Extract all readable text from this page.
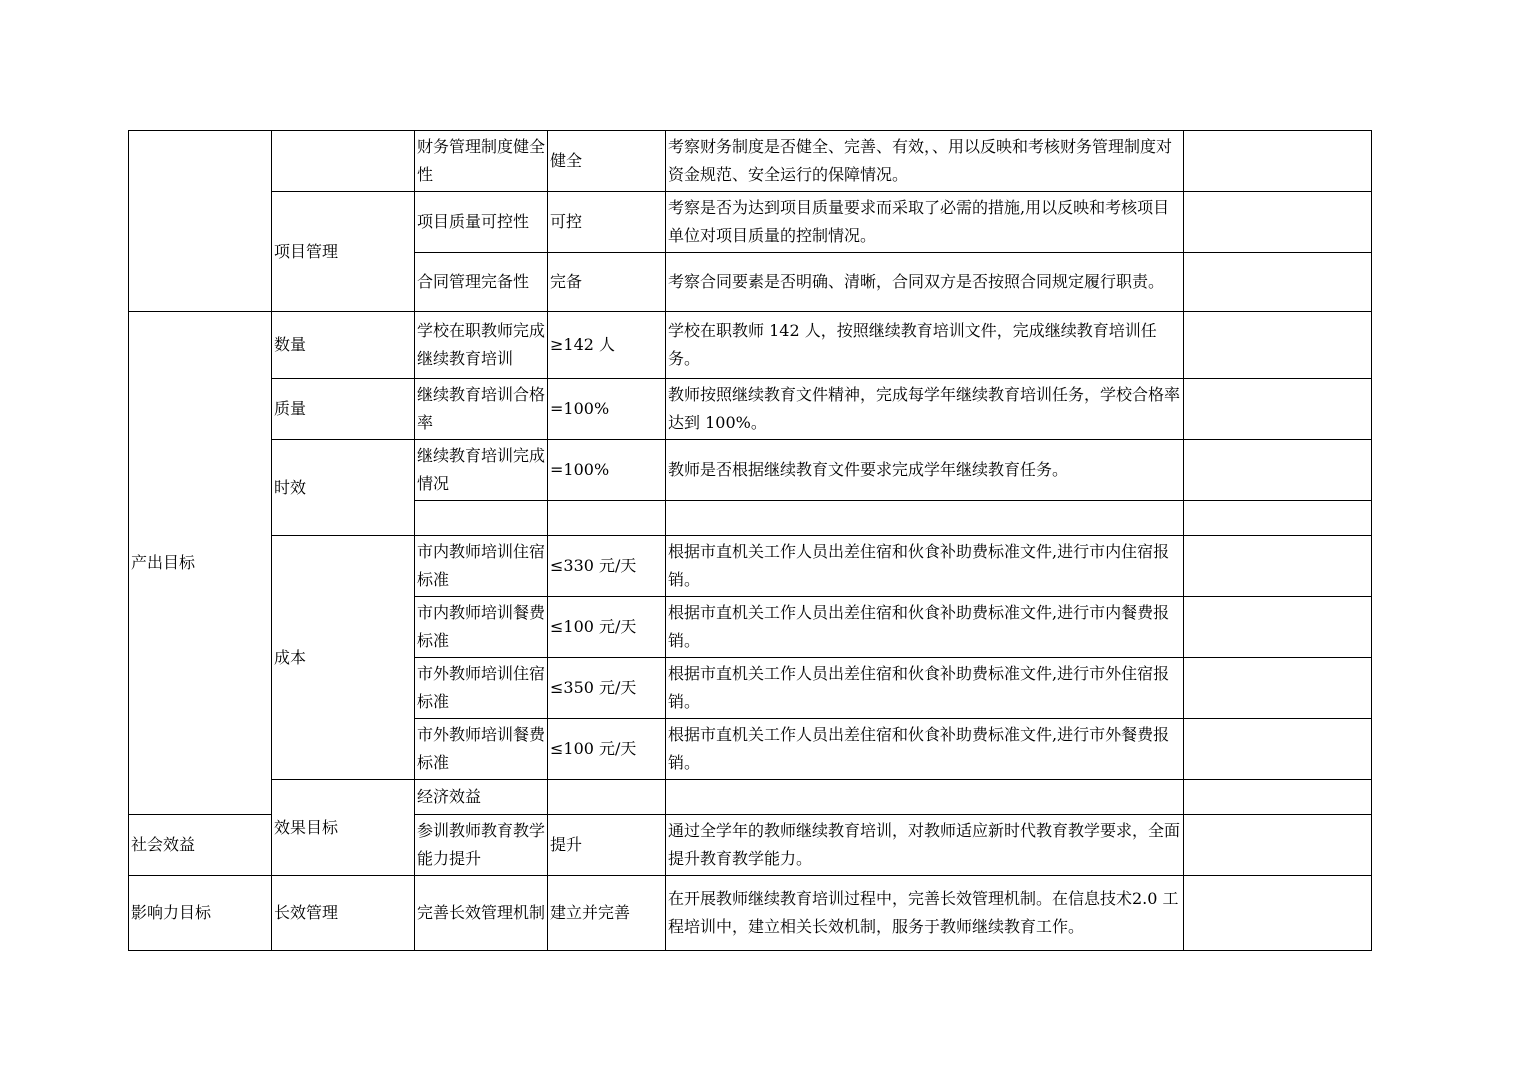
		财务管理制度健全性	健全	考察财务制度是否健全、完善、有效，、用以反映和考核财务管理制度对资金规范、安全运行的保障情况。		
	项目管理	项目质量可控性	可控	考察是否为达到项目质量要求而采取了必需的措施,用以反映和考核项目单位对项目质量的控制情况。		
		合同管理完备性	完备	考察合同要素是否明确、清晰，合同双方是否按照合同规定履行职责。		
产出目标	数量	学校在职教师完成继续教育培训	≥142 人	学校在职教师 142 人，按照继续教育培训文件，完成继续教育培训任务。		
	质量	继续教育培训合格率	=100%	教师按照继续教育文件精神，完成每学年继续教育培训任务，学校合格率达到 100%。		
	时效	继续教育培训完成情况	=100%	教师是否根据继续教育文件要求完成学年继续教育任务。		

	成本	市内教师培训住宿标准	≤330 元/天	根据市直机关工作人员出差住宿和伙食补助费标准文件,进行市内住宿报销。		
		市内教师培训餐费标准	≤100 元/天	根据市直机关工作人员出差住宿和伙食补助费标准文件,进行市内餐费报销。		
		市外教师培训住宿标准	≤350 元/天	根据市直机关工作人员出差住宿和伙食补助费标准文件,进行市外住宿报销。		
		市外教师培训餐费标准	≤100 元/天	根据市直机关工作人员出差住宿和伙食补助费标准文件,进行市外餐费报销。		
	效果目标	经济效益				
社会效益		参训教师教育教学能力提升	提升	通过全学年的教师继续教育培训，对教师适应新时代教育教学要求，全面提升教育教学能力。		
影响力目标	长效管理	完善长效管理机制	建立并完善	在开展教师继续教育培训过程中，完善长效管理机制。在信息技术2.0 工程培训中，建立相关长效机制，服务于教师继续教育工作。		
